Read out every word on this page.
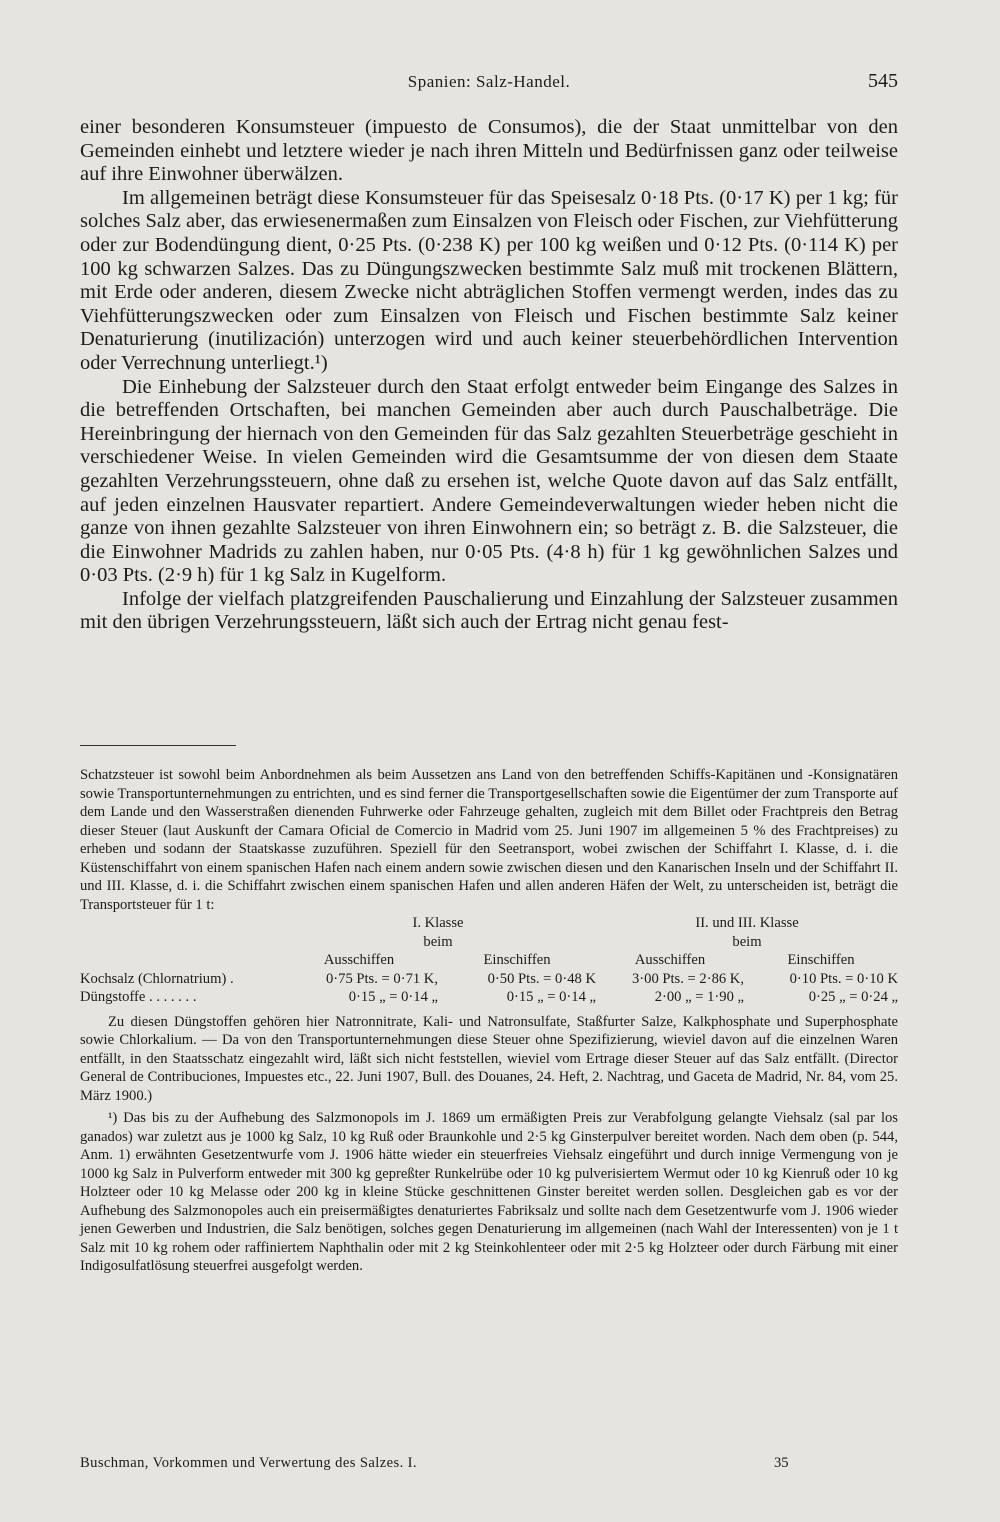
Spanien: Salz-Handel.	545

einer besonderen Konsumsteuer (impuesto de Consumos), die der Staat unmittelbar von den Gemeinden einhebt und letztere wieder je nach ihren Mitteln und Bedürfnissen ganz oder teilweise auf ihre Einwohner überwälzen.

Im allgemeinen beträgt diese Konsumsteuer für das Speisesalz 0·18 Pts. (0·17 K) per 1 kg; für solches Salz aber, das erwiesenermaßen zum Einsalzen von Fleisch oder Fischen, zur Viehfütterung oder zur Bodendüngung dient, 0·25 Pts. (0·238 K) per 100 kg weißen und 0·12 Pts. (0·114 K) per 100 kg schwarzen Salzes. Das zu Düngungszwecken bestimmte Salz muß mit trockenen Blättern, mit Erde oder anderen, diesem Zwecke nicht abträglichen Stoffen vermengt werden, indes das zu Viehfütterungszwecken oder zum Einsalzen von Fleisch und Fischen bestimmte Salz keiner Denaturierung (inutilización) unterzogen wird und auch keiner steuerbehördlichen Intervention oder Verrechnung unterliegt.¹)

Die Einhebung der Salzsteuer durch den Staat erfolgt entweder beim Eingange des Salzes in die betreffenden Ortschaften, bei manchen Gemeinden aber auch durch Pauschalbeträge. Die Hereinbringung der hiernach von den Gemeinden für das Salz gezahlten Steuerbeträge geschieht in verschiedener Weise. In vielen Gemeinden wird die Gesamtsumme der von diesen dem Staate gezahlten Verzehrungssteuern, ohne daß zu ersehen ist, welche Quote davon auf das Salz entfällt, auf jeden einzelnen Hausvater repartiert. Andere Gemeindeverwaltungen wieder heben nicht die ganze von ihnen gezahlte Salzsteuer von ihren Einwohnern ein; so beträgt z. B. die Salzsteuer, die die Einwohner Madrids zu zahlen haben, nur 0·05 Pts. (4·8 h) für 1 kg gewöhnlichen Salzes und 0·03 Pts. (2·9 h) für 1 kg Salz in Kugelform.

Infolge der vielfach platzgreifenden Pauschalierung und Einzahlung der Salzsteuer zusammen mit den übrigen Verzehrungssteuern, läßt sich auch der Ertrag nicht genau fest-

Schatzsteuer ist sowohl beim Anbordnehmen als beim Aussetzen ans Land von den betreffenden Schiffs-Kapitänen und -Konsignatären sowie Transportunternehmungen zu entrichten, und es sind ferner die Transportgesellschaften sowie die Eigentümer der zum Transporte auf dem Lande und den Wasserstraßen dienenden Fuhrwerke oder Fahrzeuge gehalten, zugleich mit dem Billet oder Frachtpreis den Betrag dieser Steuer (laut Auskunft der Camara Oficial de Comercio in Madrid vom 25. Juni 1907 im allgemeinen 5 % des Frachtpreises) zu erheben und sodann der Staatskasse zuzuführen. Speziell für den Seetransport, wobei zwischen der Schiffahrt I. Klasse, d. i. die Küstenschiffahrt von einem spanischen Hafen nach einem andern sowie zwischen diesen und den Kanarischen Inseln und der Schiffahrt II. und III. Klasse, d. i. die Schiffahrt zwischen einem spanischen Hafen und allen anderen Häfen der Welt, zu unterscheiden ist, beträgt die Transportsteuer für 1 t:

	I. Klasse		II. und III. Klasse	
	beim		beim	
	Ausschiffen	Einschiffen	Ausschiffen	Einschiffen
Kochsalz (Chlornatrium) .	0·75 Pts. = 0·71 K,	0·50 Pts. = 0·48 K	3·00 Pts. = 2·86 K,	0·10 Pts. = 0·10 K
Düngstoffe . . . . . . .	0·15 „ = 0·14 „	0·15 „ = 0·14 „	2·00 „ = 1·90 „	0·25 „ = 0·24 „

Zu diesen Düngstoffen gehören hier Natronnitrate, Kali- und Natronsulfate, Staßfurter Salze, Kalkphosphate und Superphosphate sowie Chlorkalium. — Da von den Transportunternehmungen diese Steuer ohne Spezifizierung, wieviel davon auf die einzelnen Waren entfällt, in den Staatsschatz eingezahlt wird, läßt sich nicht feststellen, wieviel vom Ertrage dieser Steuer auf das Salz entfällt. (Director General de Contribuciones, Impuestes etc., 22. Juni 1907, Bull. des Douanes, 24. Heft, 2. Nachtrag, und Gaceta de Madrid, Nr. 84, vom 25. März 1900.)

¹) Das bis zu der Aufhebung des Salzmonopols im J. 1869 um ermäßigten Preis zur Verabfolgung gelangte Viehsalz (sal par los ganados) war zuletzt aus je 1000 kg Salz, 10 kg Ruß oder Braunkohle und 2·5 kg Ginsterpulver bereitet worden. Nach dem oben (p. 544, Anm. 1) erwähnten Gesetzentwurfe vom J. 1906 hätte wieder ein steuerfreies Viehsalz eingeführt und durch innige Vermengung von je 1000 kg Salz in Pulverform entweder mit 300 kg gepreßter Runkelrübe oder 10 kg pulverisiertem Wermut oder 10 kg Kienruß oder 10 kg Holzteer oder 10 kg Melasse oder 200 kg in kleine Stücke geschnittenen Ginster bereitet werden sollen. Desgleichen gab es vor der Aufhebung des Salzmonopoles auch ein preisermäßigtes denaturiertes Fabriksalz und sollte nach dem Gesetzentwurfe vom J. 1906 wieder jenen Gewerben und Industrien, die Salz benötigen, solches gegen Denaturierung im allgemeinen (nach Wahl der Interessenten) von je 1 t Salz mit 10 kg rohem oder raffiniertem Naphthalin oder mit 2 kg Steinkohlenteer oder mit 2·5 kg Holzteer oder durch Färbung mit einer Indigosulfatlösung steuerfrei ausgefolgt werden.

Buschman, Vorkommen und Verwertung des Salzes. I.	35
